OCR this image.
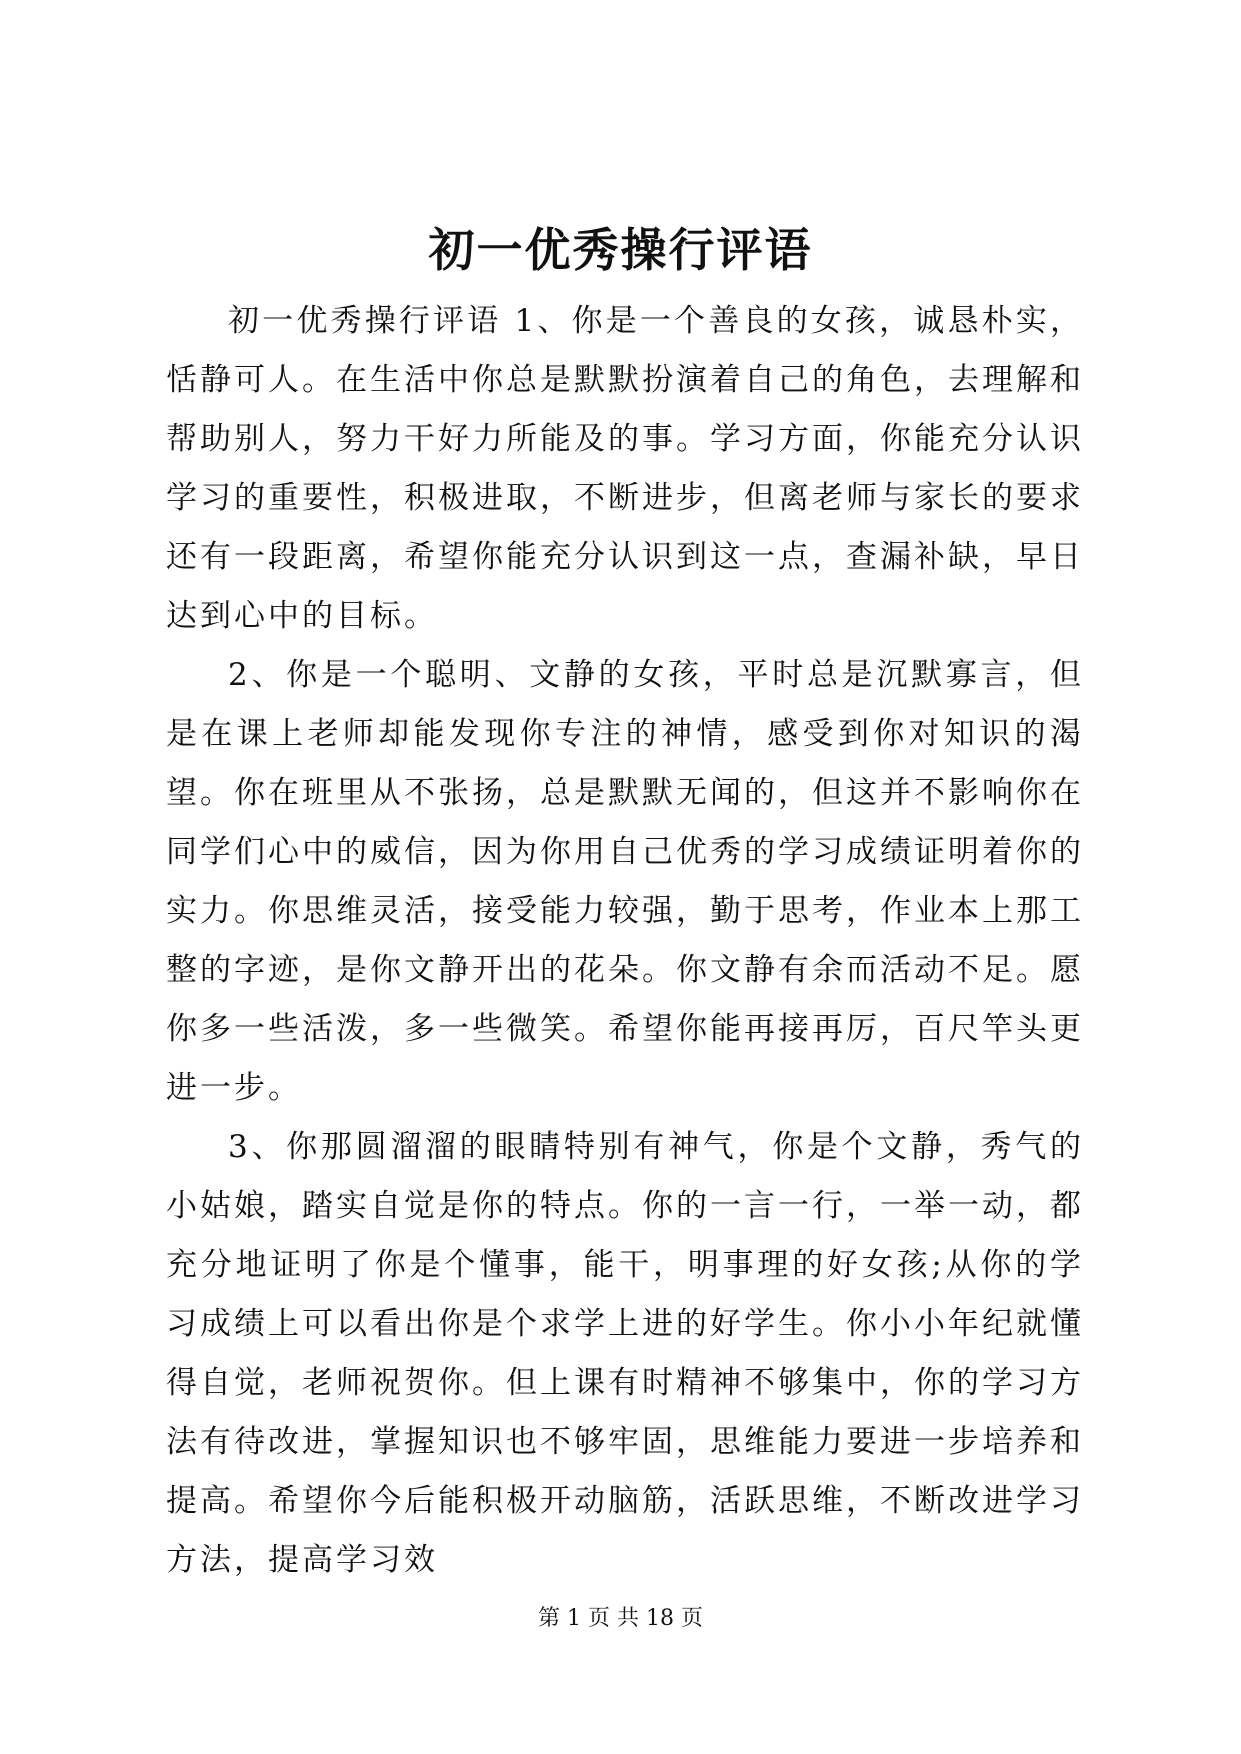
初一优秀操行评语

初一优秀操行评语 1、你是一个善良的女孩，诚恳朴实，恬静可人。在生活中你总是默默扮演着自己的角色，去理解和帮助别人，努力干好力所能及的事。学习方面，你能充分认识学习的重要性，积极进取，不断进步，但离老师与家长的要求还有一段距离，希望你能充分认识到这一点，查漏补缺，早日达到心中的目标。

2、你是一个聪明、文静的女孩，平时总是沉默寡言，但是在课上老师却能发现你专注的神情，感受到你对知识的渴望。你在班里从不张扬，总是默默无闻的，但这并不影响你在同学们心中的威信，因为你用自己优秀的学习成绩证明着你的实力。你思维灵活，接受能力较强，勤于思考，作业本上那工整的字迹，是你文静开出的花朵。你文静有余而活动不足。愿你多一些活泼，多一些微笑。希望你能再接再厉，百尺竿头更进一步。

3、你那圆溜溜的眼睛特别有神气，你是个文静，秀气的小姑娘，踏实自觉是你的特点。你的一言一行，一举一动，都充分地证明了你是个懂事，能干，明事理的好女孩;从你的学习成绩上可以看出你是个求学上进的好学生。你小小年纪就懂得自觉，老师祝贺你。但上课有时精神不够集中，你的学习方法有待改进，掌握知识也不够牢固，思维能力要进一步培养和提高。希望你今后能积极开动脑筋，活跃思维，不断改进学习方法，提高学习效

第 1 页 共 18 页
